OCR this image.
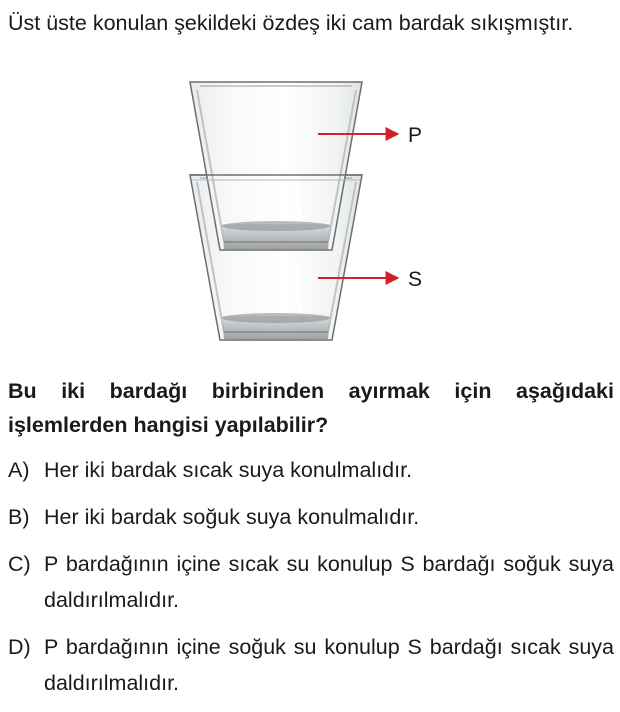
Üst üste konulan şekildeki özdeş iki cam bardak sıkışmıştır.
P
S
Bu iki bardağı birbirinden ayırmak için aşağıdaki işlemlerden hangisi yapılabilir?
A) Her iki bardak sıcak suya konulmalıdır.
B) Her iki bardak soğuk suya konulmalıdır.
C) P bardağının içine sıcak su konulup S bardağı soğuk suya daldırılmalıdır.
D) P bardağının içine soğuk su konulup S bardağı sıcak suya daldırılmalıdır.
